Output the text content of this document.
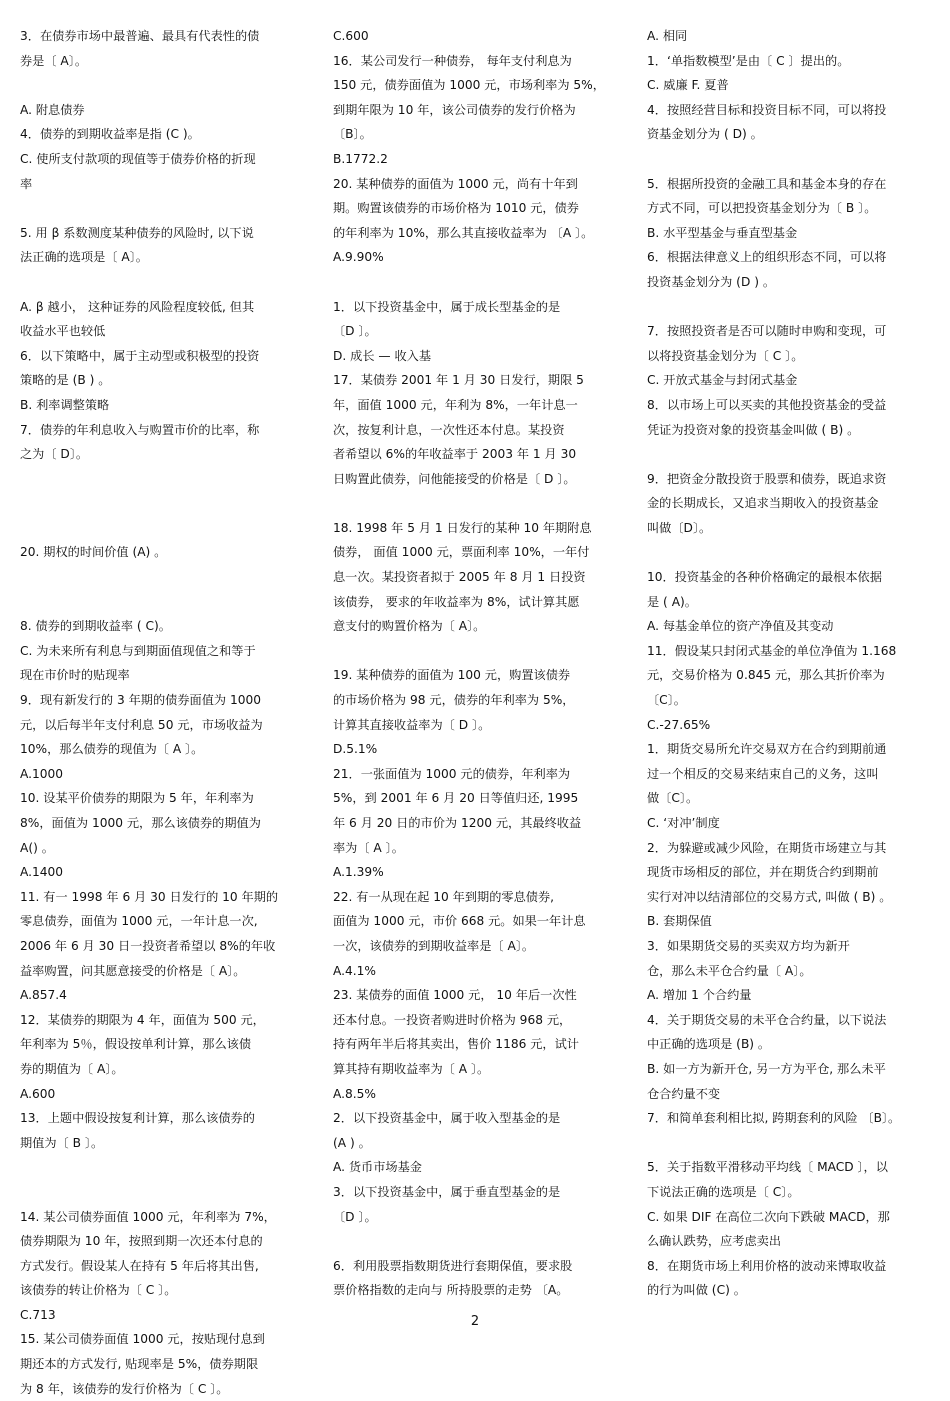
3．在债券市场中最普遍、最具有代表性的债
券是〔 A〕。

A. 附息债券
4．债券的到期收益率是指 (C )。
C. 使所支付款项的现值等于债券价格的折现
率

5. 用 β 系数测度某种债券的风险时, 以下说
法正确的选项是〔 A〕。

A. β 越小， 这种证券的风险程度较低, 但其
收益水平也较低
6．以下策略中，属于主动型或积极型的投资
策略的是 (B ) 。
B. 利率调整策略
7．债券的年利息收入与购置市价的比率，称
之为〔 D〕。

20. 期权的时间价值 (A) 。

8. 债券的到期收益率 ( C)。
C. 为未来所有利息与到期面值现值之和等于
现在市价时的贴现率
9．现有新发行的 3 年期的债券面值为 1000
元，以后每半年支付利息 50 元，市场收益为
10%，那么债券的现值为〔 A 〕。
A.1000
10. 设某平价债券的期限为 5 年，年利率为
8%，面值为 1000 元，那么该债券的期值为
A() 。
A.1400
11. 有一 1998 年 6 月 30 日发行的 10 年期的
零息债券，面值为 1000 元，一年计息一次,
2006 年 6 月 30 日一投资者希望以 8%的年收
益率购置，问其愿意接受的价格是〔 A〕。
A.857.4
12．某债券的期限为 4 年，面值为 500 元，
年利率为 5％，假设按单利计算，那么该债
券的期值为〔 A〕。
A.600
13．上题中假设按复利计算，那么该债券的
期值为〔 B 〕。

14. 某公司债券面值 1000 元，年利率为 7%，
债券期限为 10 年，按照到期一次还本付息的
方式发行。假设某人在持有 5 年后将其出售,
该债券的转让价格为〔 C 〕。
C.713
15. 某公司债券面值 1000 元，按贴现付息到
期还本的方式发行, 贴现率是 5%，债券期限
为 8 年，该债券的发行价格为〔 C 〕。
C.600
16．某公司发行一种债券， 每年支付利息为
150 元，债券面值为 1000 元，市场利率为 5%，
到期年限为 10 年，该公司债券的发行价格为
〔B〕。
B.1772.2
20. 某种债券的面值为 1000 元，尚有十年到
期。购置该债券的市场价格为 1010 元，债券
的年利率为 10%，那么其直接收益率为 〔A 〕。
A.9.90%

1．以下投资基金中，属于成长型基金的是
〔D 〕。
D. 成长 — 收入基
17．某债券 2001 年 1 月 30 日发行，期限 5
年，面值 1000 元，年利为 8%，一年计息一
次，按复利计息，一次性还本付息。某投资
者希望以 6%的年收益率于 2003 年 1 月 30
日购置此债券，问他能接受的价格是〔 D 〕。

18. 1998 年 5 月 1 日发行的某种 10 年期附息
债券， 面值 1000 元，票面利率 10%，一年付
息一次。某投资者拟于 2005 年 8 月 1 日投资
该债券， 要求的年收益率为 8%，试计算其愿
意支付的购置价格为〔 A〕。

19. 某种债券的面值为 100 元，购置该债券
的市场价格为 98 元，债券的年利率为 5%，
计算其直接收益率为〔 D 〕。
D.5.1%
21．一张面值为 1000 元的债券，年利率为
5%，到 2001 年 6 月 20 日等值归还, 1995
年 6 月 20 日的市价为 1200 元，其最终收益
率为〔 A 〕。
A.1.39%
22. 有一从现在起 10 年到期的零息债券,
面值为 1000 元，市价 668 元。如果一年计息
一次，该债券的到期收益率是〔 A〕。
A.4.1%
23. 某债券的面值 1000 元， 10 年后一次性
还本付息。一投资者购进时价格为 968 元，
持有两年半后将其卖出，售价 1186 元，试计
算其持有期收益率为〔 A 〕。
A.8.5%
2．以下投资基金中，属于收入型基金的是
(A ) 。
A. 货币市场基金
3．以下投资基金中，属于垂直型基金的是
〔D 〕。

6．利用股票指数期货进行套期保值，要求股
票价格指数的走向与 所持股票的走势 〔A。
A. 相同
1．‘单指数模型’是由〔 C 〕提出的。
C. 威廉 F. 夏普
4．按照经营目标和投资目标不同，可以将投
资基金划分为 ( D) 。

5．根据所投资的金融工具和基金本身的存在
方式不同，可以把投资基金划分为〔 B 〕。
B. 水平型基金与垂直型基金
6．根据法律意义上的组织形态不同，可以将
投资基金划分为 (D ) 。

7．按照投资者是否可以随时申购和变现，可
以将投资基金划分为〔 C 〕。
C. 开放式基金与封闭式基金
8．以市场上可以买卖的其他投资基金的受益
凭证为投资对象的投资基金叫做 ( B) 。

9．把资金分散投资于股票和债券，既追求资
金的长期成长，又追求当期收入的投资基金
叫做〔D〕。

10．投资基金的各种价格确定的最根本依据
是 ( A)。
A. 每基金单位的资产净值及其变动
11．假设某只封闭式基金的单位净值为 1.168
元，交易价格为 0.845 元，那么其折价率为
〔C〕。
C.-27.65%
1．期货交易所允许交易双方在合约到期前通
过一个相反的交易来结束自己的义务，这叫
做〔C〕。
C. ‘对冲’制度
2．为躲避或减少风险，在期货市场建立与其
现货市场相反的部位，并在期货合约到期前
实行对冲以结清部位的交易方式, 叫做 ( B) 。
B. 套期保值
3．如果期货交易的买卖双方均为新开
仓，那么未平仓合约量〔 A〕。
A. 增加 1 个合约量
4．关于期货交易的未平仓合约量，以下说法
中正确的选项是 (B) 。
B. 如一方为新开仓, 另一方为平仓, 那么未平
仓合约量不变
7．和简单套利相比拟, 跨期套利的风险 〔B〕。

5．关于指数平滑移动平均线〔 MACD 〕，以
下说法正确的选项是〔 C〕。
C. 如果 DIF 在高位二次向下跌破 MACD，那
么确认跌势，应考虑卖出
8．在期货市场上利用价格的波动来博取收益
的行为叫做 (C) 。
2
